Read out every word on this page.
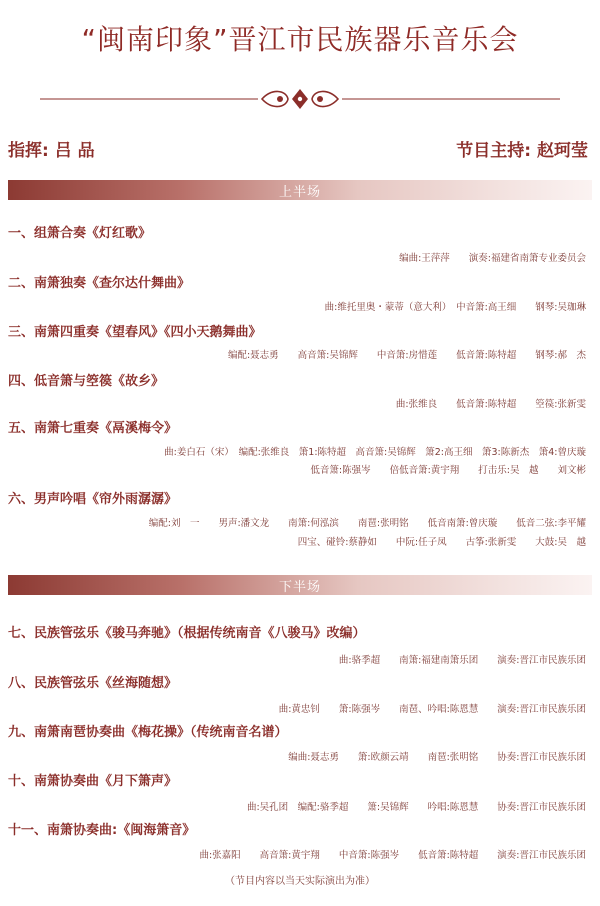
“闽南印象”晋江市民族器乐音乐会
指挥: 吕 品	节目主持: 赵珂莹
上半场
一、组箫合奏《灯红歌》
编曲:王萍萍　　演奏:福建省南箫专业委员会
二、南箫独奏《查尔达什舞曲》
曲:维托里奥・蒙蒂（意大利）　中音箫:高王细　　钢琴:吴珈琳
三、南箫四重奏《望春风》《四小天鹅舞曲》
编配:聂志勇　　高音箫:吴锦辉　　中音箫:房惜莲　　低音箫:陈特超　　钢琴:郝　杰
四、低音箫与箜篌《故乡》
曲:张维良　　低音箫:陈特超　　箜篌:张新雯
五、南箫七重奏《鬲溪梅令》
曲:姜白石（宋）　编配:张维良　箫1:陈特超　高音箫:吴锦辉　箫2:高王细　箫3:陈新杰　箫4:曾庆璇
低音箫:陈强岑　　倍低音箫:黄宇翔　　打击乐:吴　越　　刘文彬
六、男声吟唱《帘外雨潺潺》
编配:刘　一　　男声:潘文龙　　南箫:何泓滨　　南琶:张明铭　　低音南箫:曾庆璇　　低音二弦:李平耀
四宝、碰铃:蔡静如　　中阮:任子凤　　古筝:张新雯　　大鼓:吴　越
下半场
七、民族管弦乐《骏马奔驰》（根据传统南音《八骏马》改编）
曲:骆季超　　南箫:福建南箫乐团　　演奏:晋江市民族乐团
八、民族管弦乐《丝海随想》
曲:黄忠钊　　箫:陈强岑　　南琶、吟唱:陈恩慧　　演奏:晋江市民族乐团
九、南箫南琶协奏曲《梅花操》（传统南音名谱）
编曲:聂志勇　　箫:欧颜云靖　　南琶:张明铭　　协奏:晋江市民族乐团
十、南箫协奏曲《月下箫声》
曲:吴孔团　编配:骆季超　　箫:吴锦辉　　吟唱:陈恩慧　　协奏:晋江市民族乐团
十一、南箫协奏曲:《闽海箫音》
曲:张嘉阳　　高音箫:黄宇翔　　中音箫:陈强岑　　低音箫:陈特超　　演奏:晋江市民族乐团
（节目内容以当天实际演出为准）
